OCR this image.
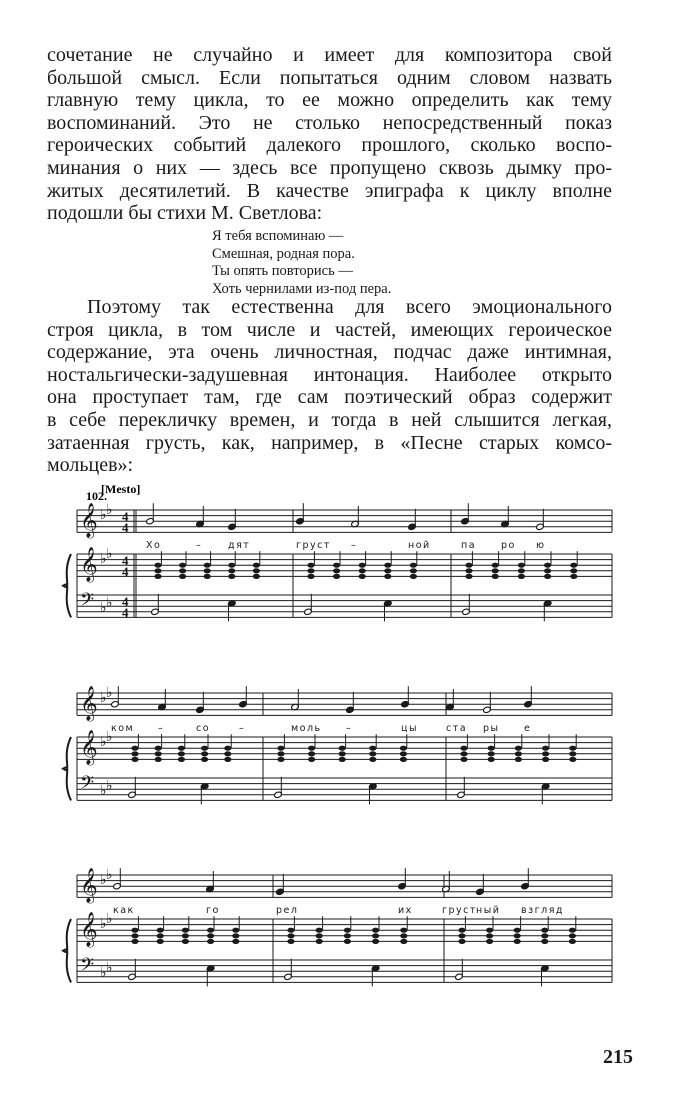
сочетание не случайно и имеет для композитора свой
большой смысл. Если попытаться одним словом назвать
главную тему цикла, то ее можно определить как тему
воспоминаний. Это не столько непосредственный показ
героических событий далекого прошлого, сколько воспо-
минания о них — здесь все пропущено сквозь дымку про-
житых десятилетий. В качестве эпиграфа к циклу вполне
подошли бы стихи М. Светлова:
Я тебя вспоминаю —
Смешная, родная пора.
Ты опять повторись —
Хоть чернилами из-под пера.
Поэтому так естественна для всего эмоционального
строя цикла, в том числе и частей, имеющих героическое
содержание, эта очень личностная, подчас даже интимная,
ностальгически-задушевная интонация. Наиболее открыто
она проступает там, где сам поэтический образ содержит
в себе перекличку времен, и тогда в ней слышится легкая,
затаенная грусть, как, например, в «Песне старых комсо-
мольцев»:
102.
[Mesto]
𝄞 ♭ ♭
𝄞 ♭ ♭
𝄢 ♭ ♭
4
4
4
4
4
4
Хо	–	дят	груст –	ной	па	ро ю
𝄞 ♭ ♭
𝄞 ♭ ♭
𝄢 ♭ ♭
ком	–	со	–	моль	–	цы	ста ры	е
𝄞 ♭ ♭
𝄞 ♭ ♭
𝄢 ♭ ♭
как	го	рел	их	груст ный взгляд
215
